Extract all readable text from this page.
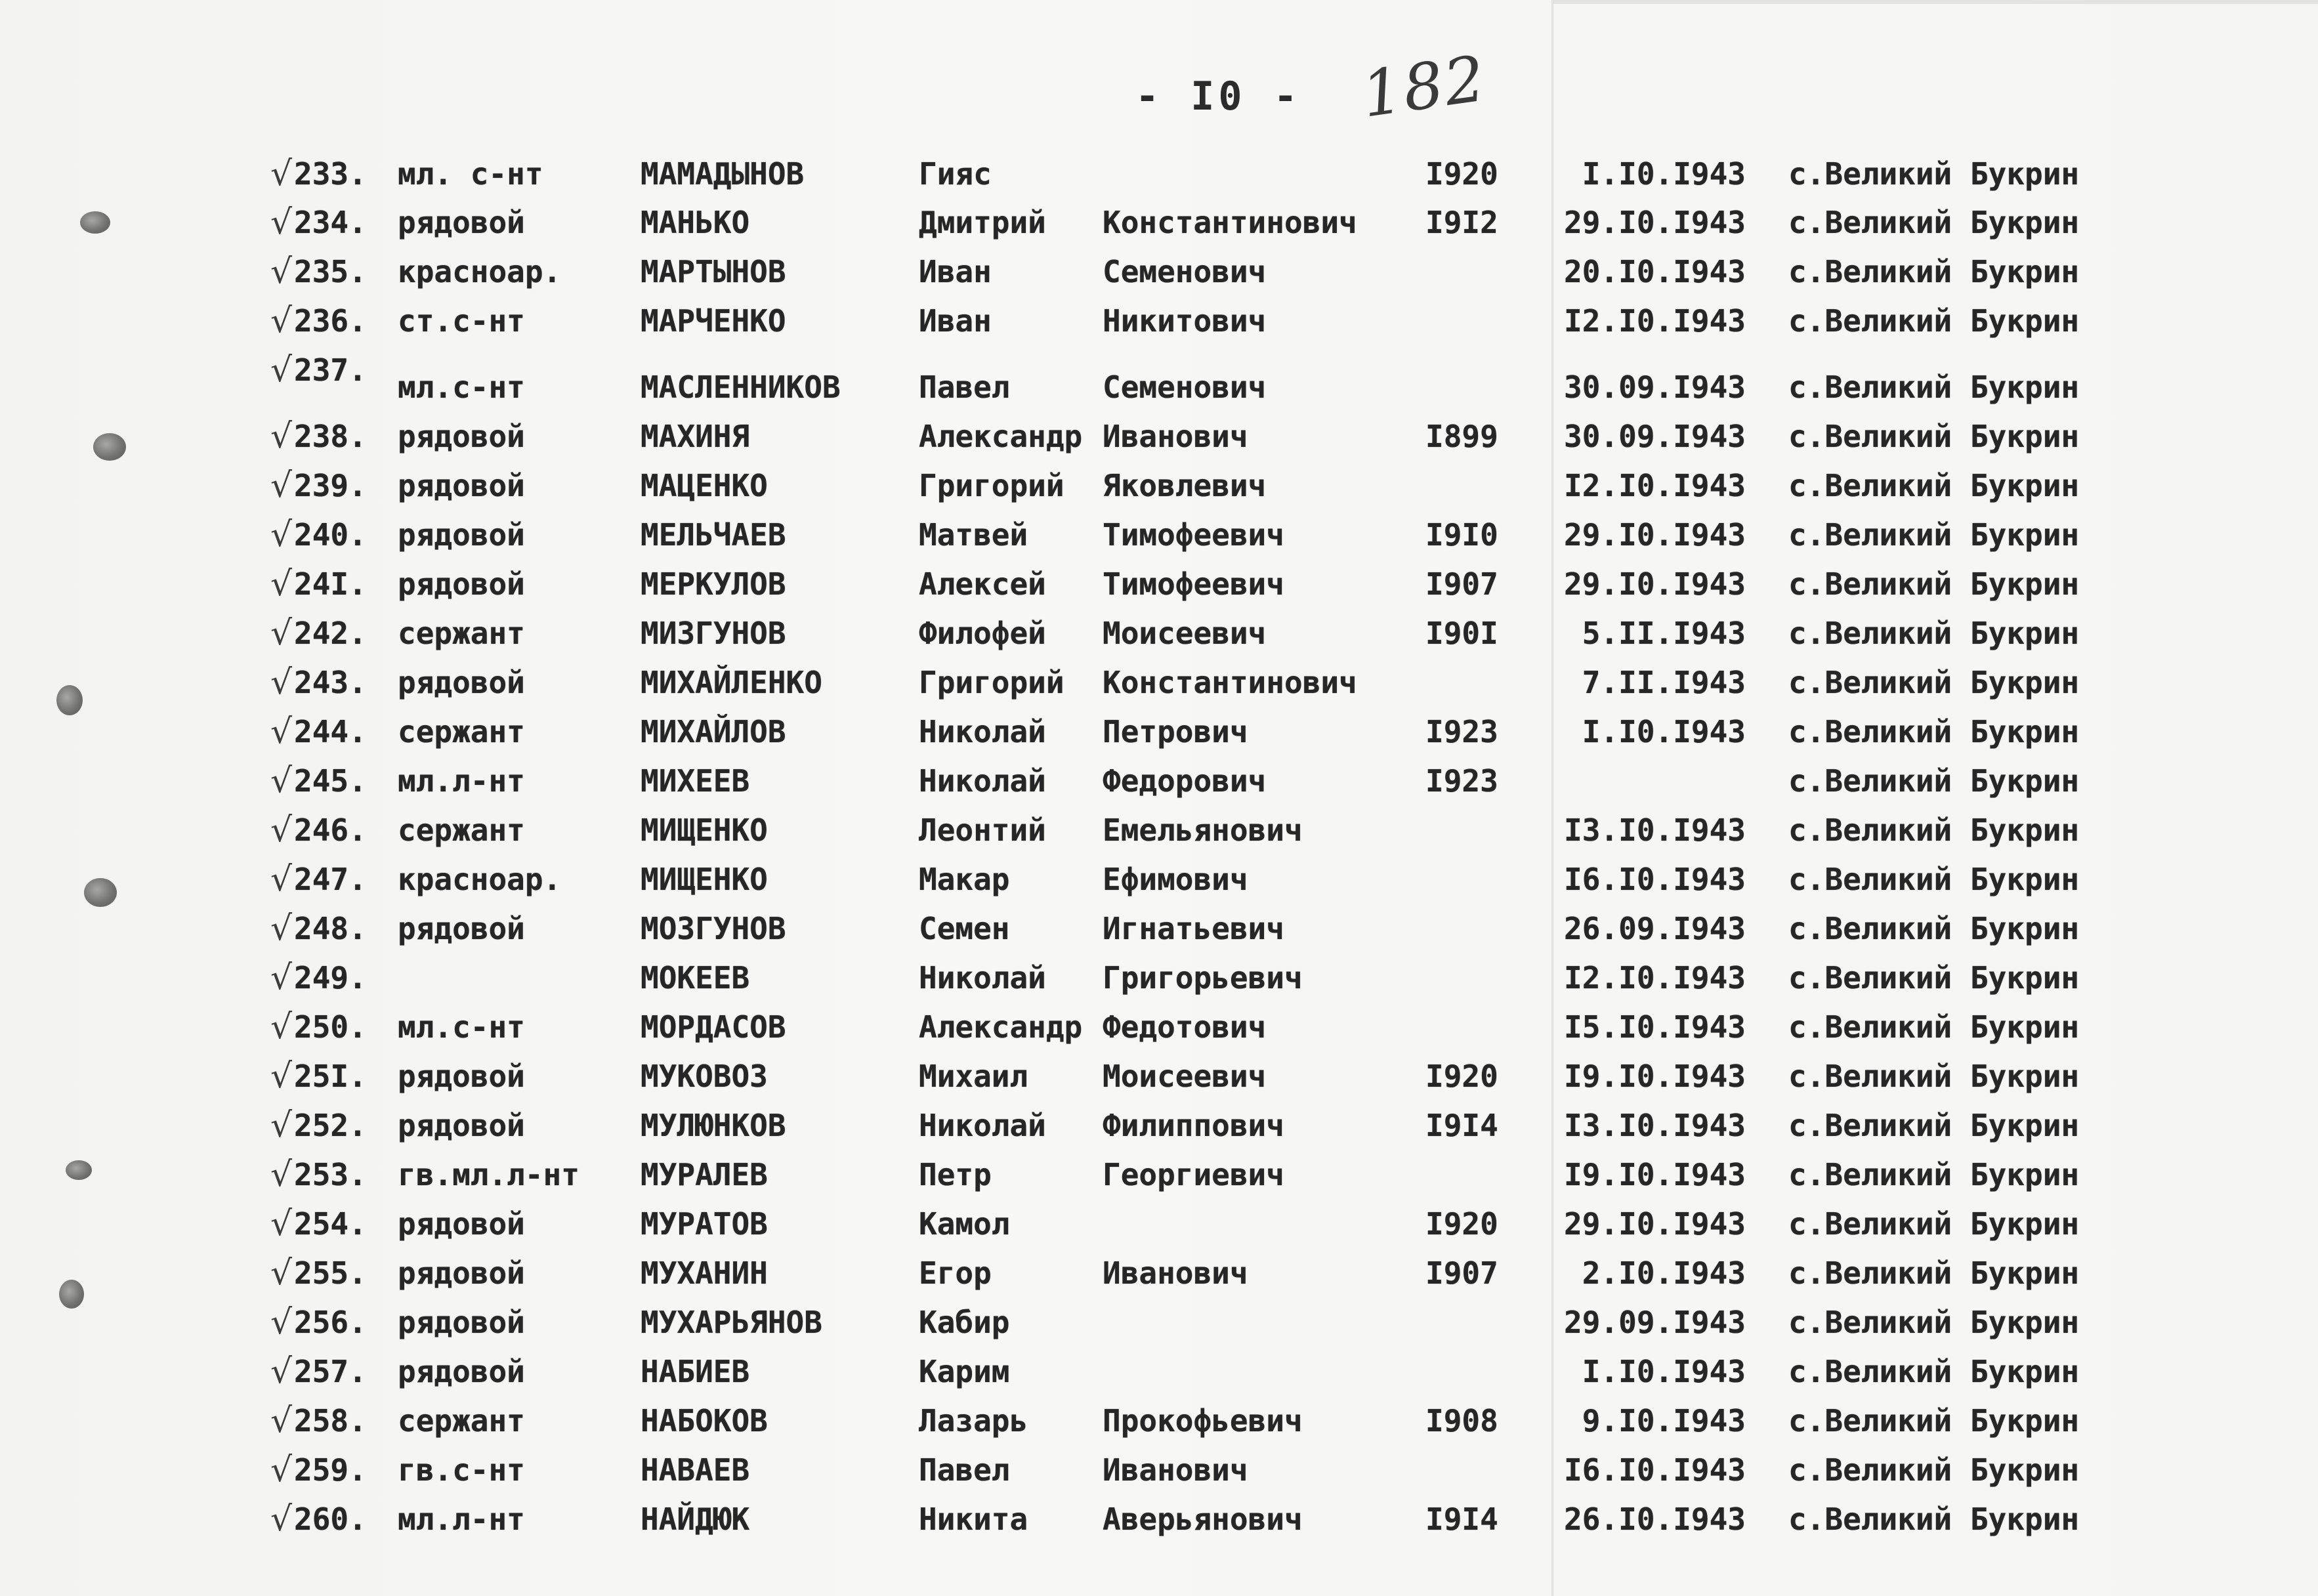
- I0 - 182
√ 233. мл. с-нт	МАМАДЫНОВ	Гияс	I920	I.I0.I943 с.Великий Букрин
√ 234. рядовой	МАНЬКО	Дмитрий Константинович I9I2	29.I0.I943 с.Великий Букрин
√ 235. красноар.	МАРТЫНОВ	Иван	Семенович	20.I0.I943 с.Великий Букрин
√ 236. ст.с-нт	МАРЧЕНКО	Иван	Никитович	I2.I0.I943 с.Великий Букрин
√ 237. мл.с-нт	МАСЛЕННИКОВ	Павел	Семенович	30.09.I943 с.Великий Букрин
√ 238. рядовой	МАХИНЯ	Александр Иванович	I899	30.09.I943 с.Великий Букрин
√ 239. рядовой	МАЦЕНКО	Григорий Яковлевич	I2.I0.I943 с.Великий Букрин
√ 240. рядовой	МЕЛЬЧАЕВ	Матвей Тимофеевич	I9I0	29.I0.I943 с.Великий Букрин
√ 24I. рядовой	МЕРКУЛОВ	Алексей Тимофеевич	I907	29.I0.I943 с.Великий Букрин
√ 242. сержант	МИЗГУНОВ	Филофей Моисеевич	I90I	5.II.I943 с.Великий Букрин
√ 243. рядовой	МИХАЙЛЕНКО	Григорий Константинович	7.II.I943 с.Великий Букрин
√ 244. сержант	МИХАЙЛОВ	Николай Петрович	I923	I.I0.I943 с.Великий Букрин
√ 245. мл.л-нт	МИХЕЕВ	Николай Федорович	I923	с.Великий Букрин
√ 246. сержант	МИЩЕНКО	Леонтий Емельянович	I3.I0.I943 с.Великий Букрин
√ 247. красноар.	МИЩЕНКО	Макар	Ефимович	I6.I0.I943 с.Великий Букрин
√ 248. рядовой	МОЗГУНОВ	Семен	Игнатьевич	26.09.I943 с.Великий Букрин
√ 249.	МОКЕЕВ	Николай Григорьевич	I2.I0.I943 с.Великий Букрин
√ 250. мл.с-нт	МОРДАСОВ	Александр Федотович	I5.I0.I943 с.Великий Букрин
√ 25I. рядовой	МУКОВОЗ	Михаил Моисеевич	I920	I9.I0.I943 с.Великий Букрин
√ 252. рядовой	МУЛЮНКОВ	Николай Филиппович	I9I4	I3.I0.I943 с.Великий Букрин
√ 253. гв.мл.л-нт МУРАЛЕВ	Петр	Георгиевич	I9.I0.I943 с.Великий Букрин
√ 254. рядовой	МУРАТОВ	Камол	I920	29.I0.I943 с.Великий Букрин
√ 255. рядовой	МУХАНИН	Егор	Иванович	I907	2.I0.I943 с.Великий Букрин
√ 256. рядовой	МУХАРЬЯНОВ	Кабир	29.09.I943 с.Великий Букрин
√ 257. рядовой	НАБИЕВ	Карим	I.I0.I943 с.Великий Букрин
√ 258. сержант	НАБОКОВ	Лазарь Прокофьевич	I908	9.I0.I943 с.Великий Букрин
√ 259. гв.с-нт	НАВАЕВ	Павел	Иванович	I6.I0.I943 с.Великий Букрин
√ 260. мл.л-нт	НАЙДЮК	Никита Аверьянович	I9I4	26.I0.I943 с.Великий Букрин
